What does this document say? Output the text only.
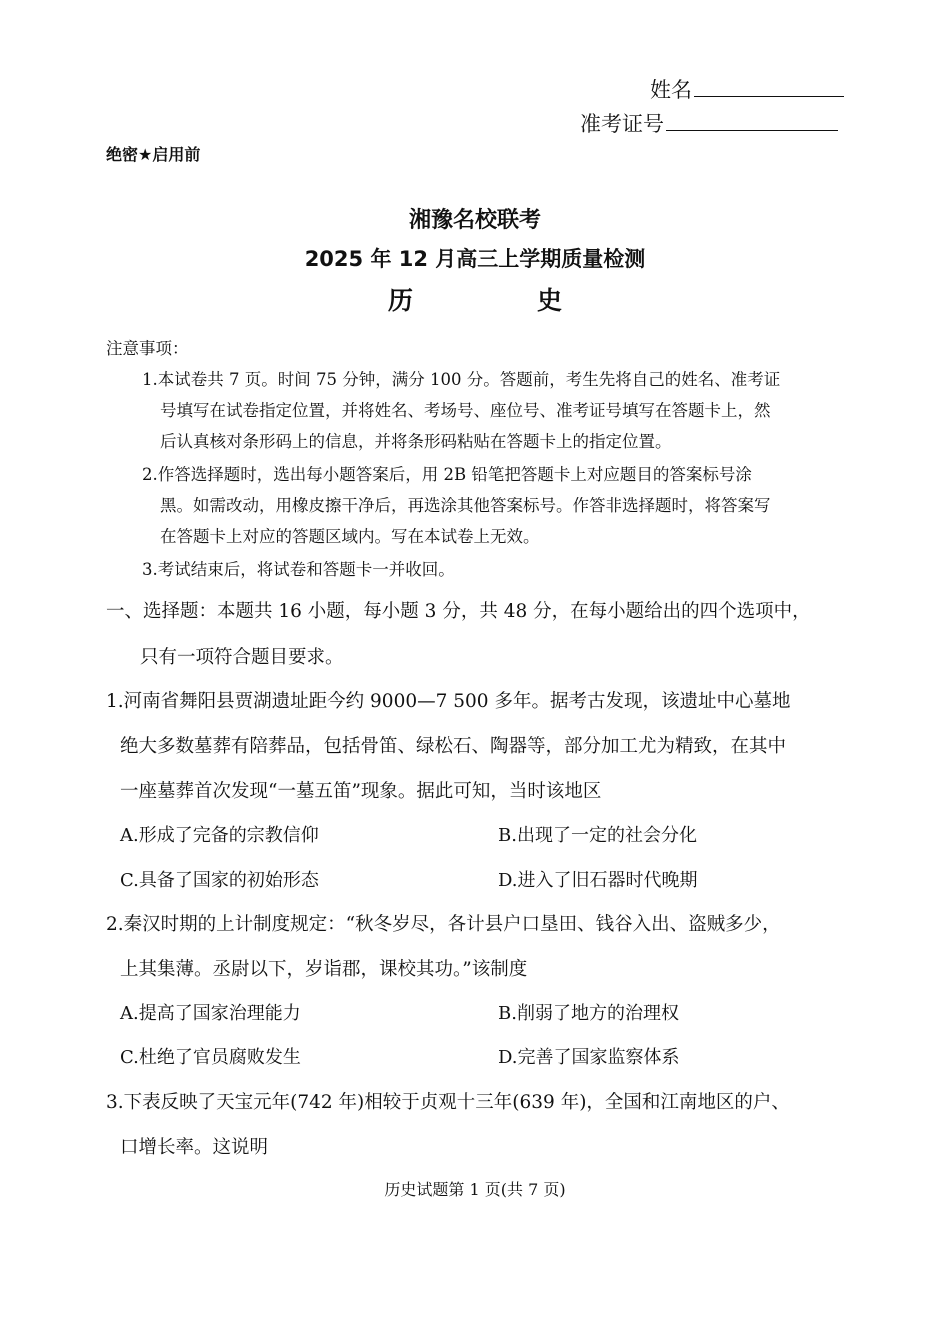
姓名
准考证号
绝密★启用前
湘豫名校联考
2025 年 12 月高三上学期质量检测
历	史
注意事项：
1.本试卷共 7 页。时间 75 分钟，满分 100 分。答题前，考生先将自己的姓名、准考证
号填写在试卷指定位置，并将姓名、考场号、座位号、准考证号填写在答题卡上，然
后认真核对条形码上的信息，并将条形码粘贴在答题卡上的指定位置。
2.作答选择题时，选出每小题答案后，用 2B 铅笔把答题卡上对应题目的答案标号涂
黑。如需改动，用橡皮擦干净后，再选涂其他答案标号。作答非选择题时，将答案写
在答题卡上对应的答题区域内。写在本试卷上无效。
3.考试结束后，将试卷和答题卡一并收回。
一、选择题：本题共 16 小题，每小题 3 分，共 48 分，在每小题给出的四个选项中，
只有一项符合题目要求。
1.河南省舞阳县贾湖遗址距今约 9000—7 500 多年。据考古发现，该遗址中心墓地
绝大多数墓葬有陪葬品，包括骨笛、绿松石、陶器等，部分加工尤为精致，在其中
一座墓葬首次发现“一墓五笛”现象。据此可知，当时该地区
A.形成了完备的宗教信仰	B.出现了一定的社会分化
C.具备了国家的初始形态	D.进入了旧石器时代晚期
2.秦汉时期的上计制度规定：“秋冬岁尽，各计县户口垦田、钱谷入出、盗贼多少，
上其集薄。丞尉以下，岁诣郡，课校其功。”该制度
A.提高了国家治理能力	B.削弱了地方的治理权
C.杜绝了官员腐败发生	D.完善了国家监察体系
3.下表反映了天宝元年(742 年)相较于贞观十三年(639 年)，全国和江南地区的户、
口增长率。这说明
历史试题第 1 页(共 7 页)
